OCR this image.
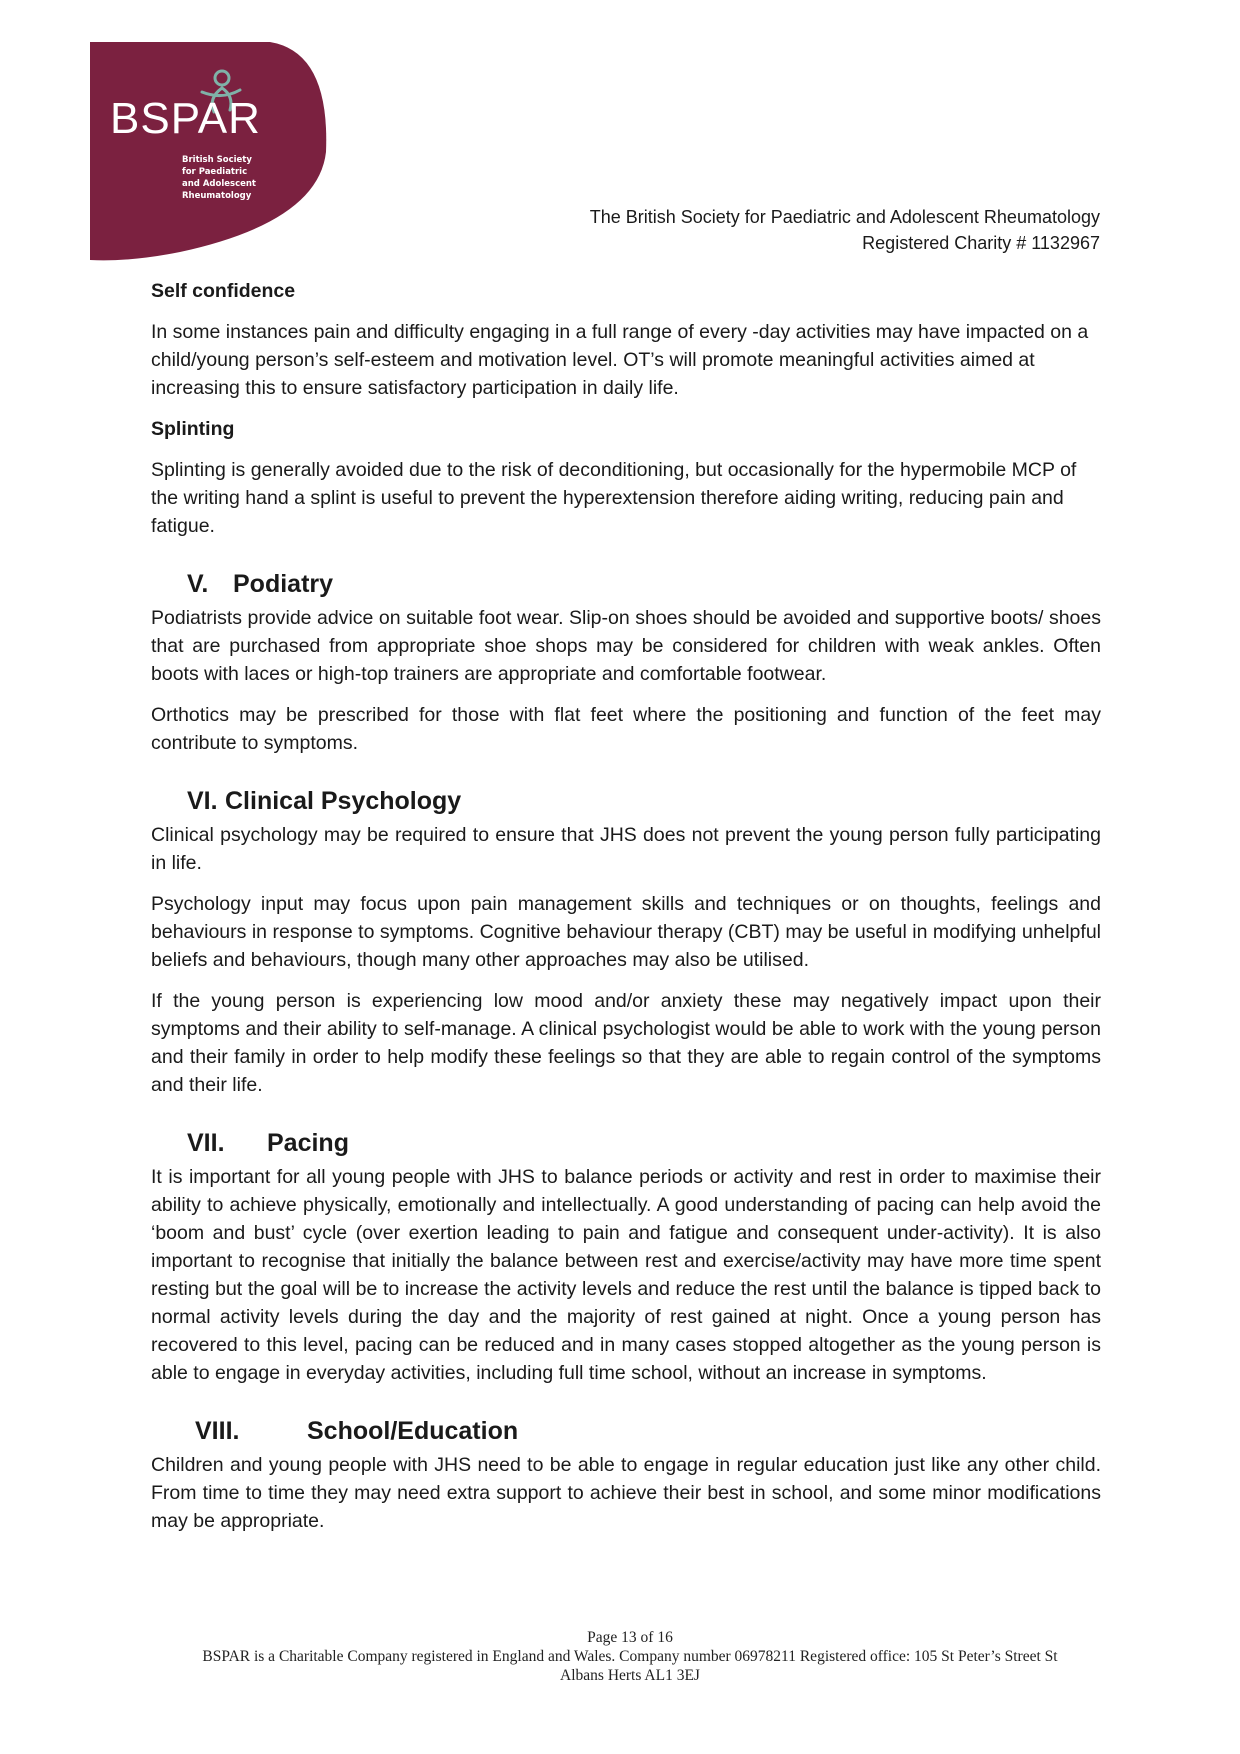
BSPAR
British Society
for Paediatric
and Adolescent
Rheumatology
The British Society for Paediatric and Adolescent Rheumatology
Registered Charity # 1132967
Self confidence

In some instances pain and difficulty engaging in a full range of every -day activities may have impacted on a child/young person’s self-esteem and motivation level. OT’s will promote meaningful activities aimed at increasing this to ensure satisfactory participation in daily life.

Splinting

Splinting is generally avoided due to the risk of deconditioning, but occasionally for the hypermobile MCP of the writing hand a splint is useful to prevent the hyperextension therefore aiding writing, reducing pain and fatigue.

V. Podiatry

Podiatrists provide advice on suitable foot wear. Slip-on shoes should be avoided and supportive boots/ shoes that are purchased from appropriate shoe shops may be considered for children with weak ankles. Often boots with laces or high-top trainers are appropriate and comfortable footwear.

Orthotics may be prescribed for those with flat feet where the positioning and function of the feet may contribute to symptoms.

VI. Clinical Psychology

Clinical psychology may be required to ensure that JHS does not prevent the young person fully participating in life.

Psychology input may focus upon pain management skills and techniques or on thoughts, feelings and behaviours in response to symptoms. Cognitive behaviour therapy (CBT) may be useful in modifying unhelpful beliefs and behaviours, though many other approaches may also be utilised.

If the young person is experiencing low mood and/or anxiety these may negatively impact upon their symptoms and their ability to self-manage. A clinical psychologist would be able to work with the young person and their family in order to help modify these feelings so that they are able to regain control of the symptoms and their life.

VII.	Pacing

It is important for all young people with JHS to balance periods or activity and rest in order to maximise their ability to achieve physically, emotionally and intellectually. A good understanding of pacing can help avoid the ‘boom and bust’ cycle (over exertion leading to pain and fatigue and consequent under-activity). It is also important to recognise that initially the balance between rest and exercise/activity may have more time spent resting but the goal will be to increase the activity levels and reduce the rest until the balance is tipped back to normal activity levels during the day and the majority of rest gained at night. Once a young person has recovered to this level, pacing can be reduced and in many cases stopped altogether as the young person is able to engage in everyday activities, including full time school, without an increase in symptoms.

VIII.	School/Education

Children and young people with JHS need to be able to engage in regular education just like any other child. From time to time they may need extra support to achieve their best in school, and some minor modifications may be appropriate.

Page 13 of 16
BSPAR is a Charitable Company registered in England and Wales. Company number 06978211 Registered office: 105 St Peter’s Street St
Albans Herts AL1 3EJ
